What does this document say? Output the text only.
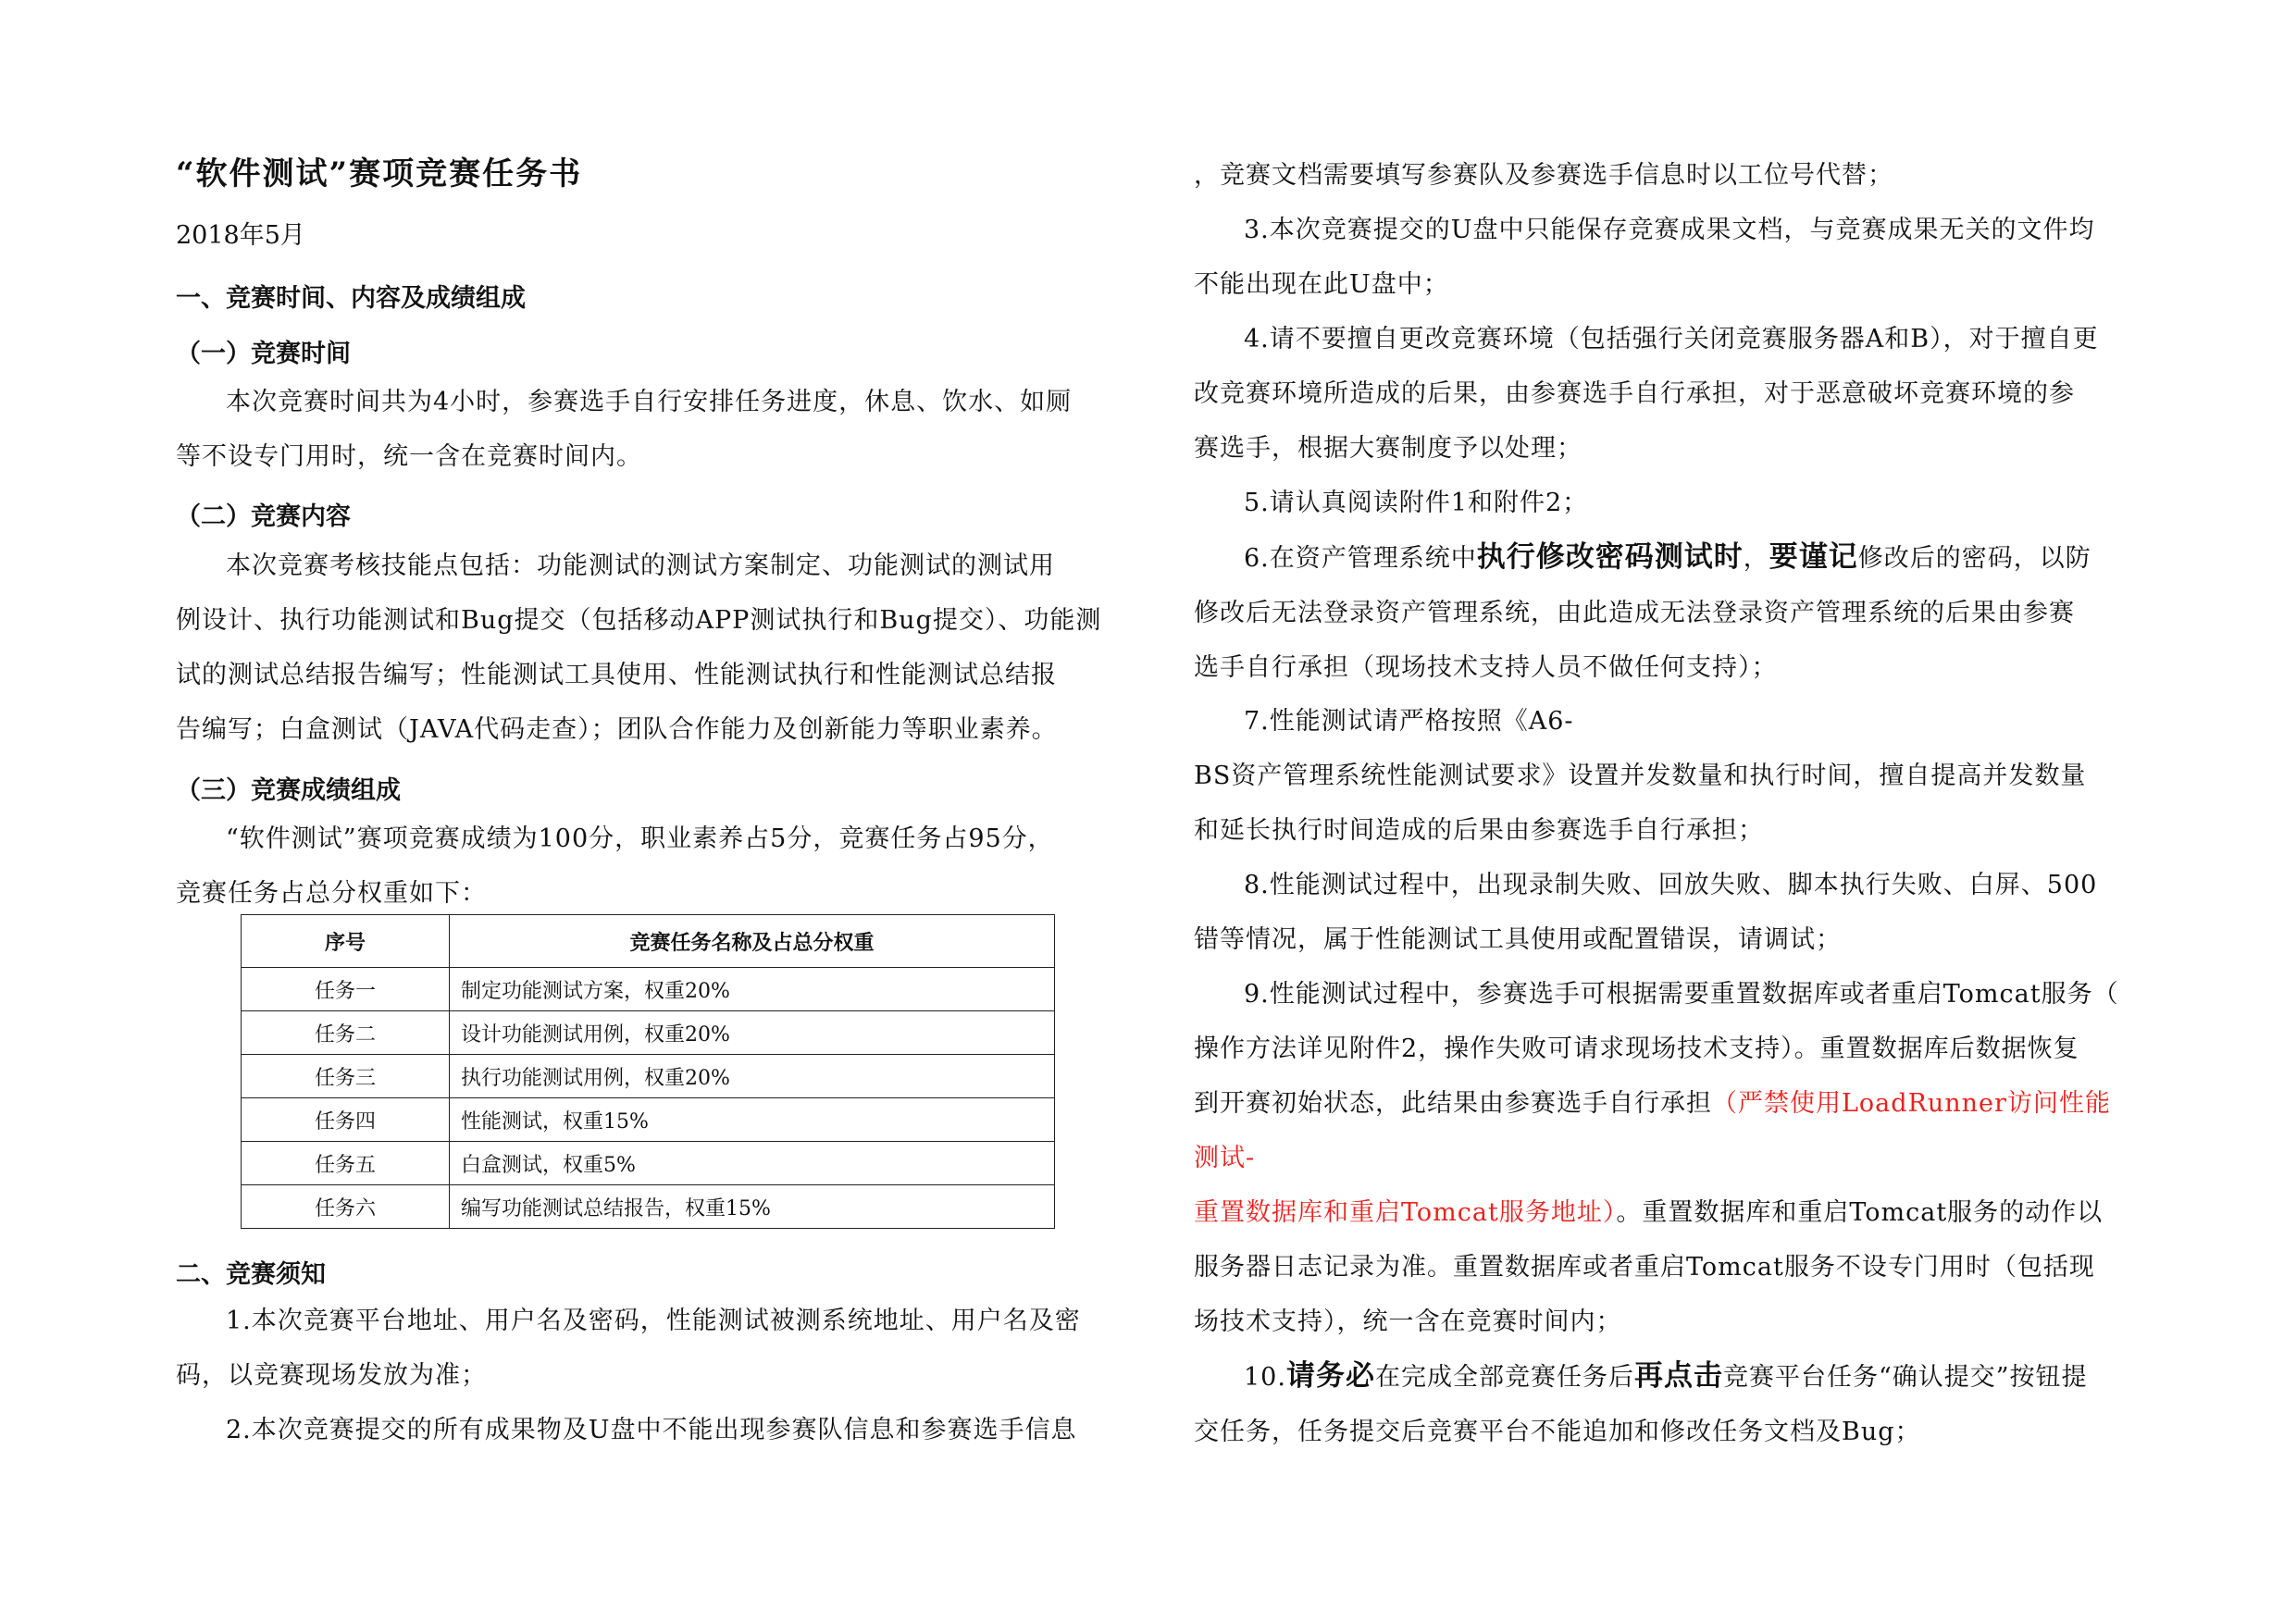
“软件测试”赛项竞赛任务书
2018年5月
一、竞赛时间、内容及成绩组成
（一）竞赛时间
本次竞赛时间共为4小时，参赛选手自行安排任务进度，休息、饮水、如厕
等不设专门用时，统一含在竞赛时间内。
（二）竞赛内容
本次竞赛考核技能点包括：功能测试的测试方案制定、功能测试的测试用
例设计、执行功能测试和Bug提交（包括移动APP测试执行和Bug提交）、功能测
试的测试总结报告编写；性能测试工具使用、性能测试执行和性能测试总结报
告编写；白盒测试（JAVA代码走查）；团队合作能力及创新能力等职业素养。
（三）竞赛成绩组成
“软件测试”赛项竞赛成绩为100分，职业素养占5分，竞赛任务占95分，
竞赛任务占总分权重如下：
序号	竞赛任务名称及占总分权重
任务一	制定功能测试方案，权重20%
任务二	设计功能测试用例，权重20%
任务三	执行功能测试用例，权重20%
任务四	性能测试，权重15%
任务五	白盒测试，权重5%
任务六	编写功能测试总结报告，权重15%
二、竞赛须知
1.本次竞赛平台地址、用户名及密码，性能测试被测系统地址、用户名及密
码，以竞赛现场发放为准；
2.本次竞赛提交的所有成果物及U盘中不能出现参赛队信息和参赛选手信息
，竞赛文档需要填写参赛队及参赛选手信息时以工位号代替；
3.本次竞赛提交的U盘中只能保存竞赛成果文档，与竞赛成果无关的文件均
不能出现在此U盘中；
4.请不要擅自更改竞赛环境（包括强行关闭竞赛服务器A和B），对于擅自更
改竞赛环境所造成的后果，由参赛选手自行承担，对于恶意破坏竞赛环境的参
赛选手，根据大赛制度予以处理；
5.请认真阅读附件1和附件2；
6.在资产管理系统中执行修改密码测试时，要谨记修改后的密码，以防
修改后无法登录资产管理系统，由此造成无法登录资产管理系统的后果由参赛
选手自行承担（现场技术支持人员不做任何支持）；
7.性能测试请严格按照《A6-
BS资产管理系统性能测试要求》设置并发数量和执行时间，擅自提高并发数量
和延长执行时间造成的后果由参赛选手自行承担；
8.性能测试过程中，出现录制失败、回放失败、脚本执行失败、白屏、500
错等情况，属于性能测试工具使用或配置错误，请调试；
9.性能测试过程中，参赛选手可根据需要重置数据库或者重启Tomcat服务（
操作方法详见附件2，操作失败可请求现场技术支持）。重置数据库后数据恢复
到开赛初始状态，此结果由参赛选手自行承担（严禁使用LoadRunner访问性能
测试-
重置数据库和重启Tomcat服务地址）。重置数据库和重启Tomcat服务的动作以
服务器日志记录为准。重置数据库或者重启Tomcat服务不设专门用时（包括现
场技术支持），统一含在竞赛时间内；
10.请务必在完成全部竞赛任务后再点击竞赛平台任务“确认提交”按钮提
交任务，任务提交后竞赛平台不能追加和修改任务文档及Bug；
